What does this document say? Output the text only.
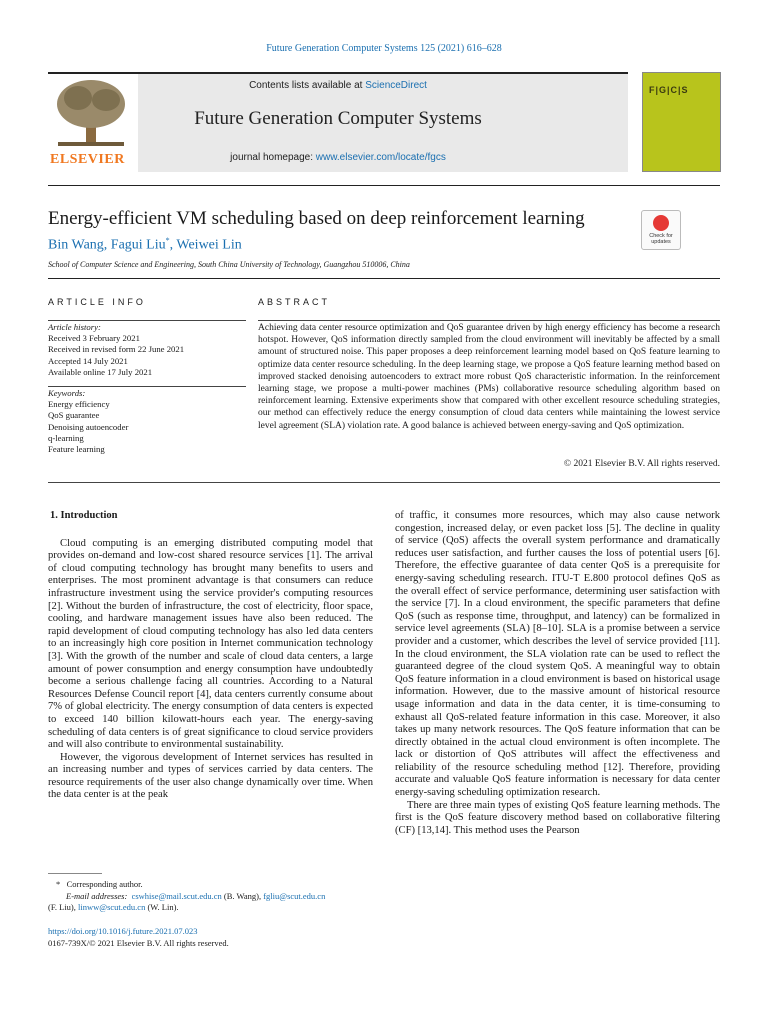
Future Generation Computer Systems 125 (2021) 616–628
ELSEVIER
Contents lists available at ScienceDirect
Future Generation Computer Systems
journal homepage: www.elsevier.com/locate/fgcs
F|G|C|S
Energy-efficient VM scheduling based on deep reinforcement learning
Check for updates
Bin Wang, Fagui Liu*, Weiwei Lin
School of Computer Science and Engineering, South China University of Technology, Guangzhou 510006, China
ARTICLE INFO
Article history:
Received 3 February 2021
Received in revised form 22 June 2021
Accepted 14 July 2021
Available online 17 July 2021
Keywords:
Energy efficiency
QoS guarantee
Denoising autoencoder
q-learning
Feature learning
ABSTRACT
Achieving data center resource optimization and QoS guarantee driven by high energy efficiency has become a research hotspot. However, QoS information directly sampled from the cloud environment will inevitably be affected by a small amount of structured noise. This paper proposes a deep reinforcement learning model based on QoS feature learning to optimize data center resource scheduling. In the deep learning stage, we propose a QoS feature learning method based on improved stacked denoising autoencoders to extract more robust QoS characteristic information. In the reinforcement learning stage, we propose a multi-power machines (PMs) collaborative resource scheduling algorithm based on reinforcement learning. Extensive experiments show that compared with other excellent resource scheduling strategies, our method can effectively reduce the energy consumption of cloud data centers while maintaining the lowest service level agreement (SLA) violation rate. A good balance is achieved between energy-saving and QoS optimization.
© 2021 Elsevier B.V. All rights reserved.
1. Introduction

Cloud computing is an emerging distributed computing model that provides on-demand and low-cost shared resource services [1]. The arrival of cloud computing technology has brought many benefits to users and enterprises. The most prominent advantage is that consumers can reduce infrastructure investment using the service provider's computing resources [2]. Without the burden of infrastructure, the cost of electricity, floor space, cooling, and hardware management issues have also been reduced. The rapid development of cloud computing technology has also led data centers to an increasingly high core position in Internet communication technology [3]. With the growth of the number and scale of cloud data centers, a large amount of power consumption and energy consumption have undoubtedly become a serious challenge facing all countries. According to a Natural Resources Defense Council report [4], data centers currently consume about 7% of global electricity. The energy consumption of data centers is expected to exceed 140 billion kilowatt-hours each year. The energy-saving scheduling of data centers is of great significance to cloud service providers and will also contribute to environmental sustainability.

However, the vigorous development of Internet services has resulted in an increasing number and types of services carried by data centers. The resource requirements of the user also change dynamically over time. When the data center is at the peak

of traffic, it consumes more resources, which may also cause network congestion, increased delay, or even packet loss [5]. The decline in quality of service (QoS) affects the overall system performance and dramatically reduces user satisfaction, and further causes the loss of potential users [6]. Therefore, the effective guarantee of data center QoS is a prerequisite for energy-saving scheduling research. ITU-T E.800 protocol defines QoS as the overall effect of service performance, determining user satisfaction with the service [7]. In a cloud environment, the specific parameters that define QoS (such as response time, throughput, and latency) can be formalized in service level agreements (SLA) [8–10]. SLA is a promise between a service provider and a customer, which describes the level of service provided [11]. In the cloud environment, the SLA violation rate can be used to reflect the guaranteed degree of the cloud system QoS. A meaningful way to obtain QoS feature information in a cloud environment is based on historical usage information. However, due to the massive amount of historical resource usage information and data in the data center, it is time-consuming to exhaust all QoS-related feature information in this case. Moreover, it also takes up many network resources. The QoS feature information that can be directly obtained in the actual cloud environment is often incomplete. The lack or distortion of QoS attributes will affect the effectiveness and reliability of the resource scheduling method [12]. Therefore, providing accurate and valuable QoS feature information is necessary for data center energy-saving scheduling optimization research.

There are three main types of existing QoS feature learning methods. The first is the QoS feature discovery method based on collaborative filtering (CF) [13,14]. This method uses the Pearson

* Corresponding author.
E-mail addresses: cswhise@mail.scut.edu.cn (B. Wang), fgliu@scut.edu.cn
(F. Liu), linww@scut.edu.cn (W. Lin).
https://doi.org/10.1016/j.future.2021.07.023
0167-739X/© 2021 Elsevier B.V. All rights reserved.
